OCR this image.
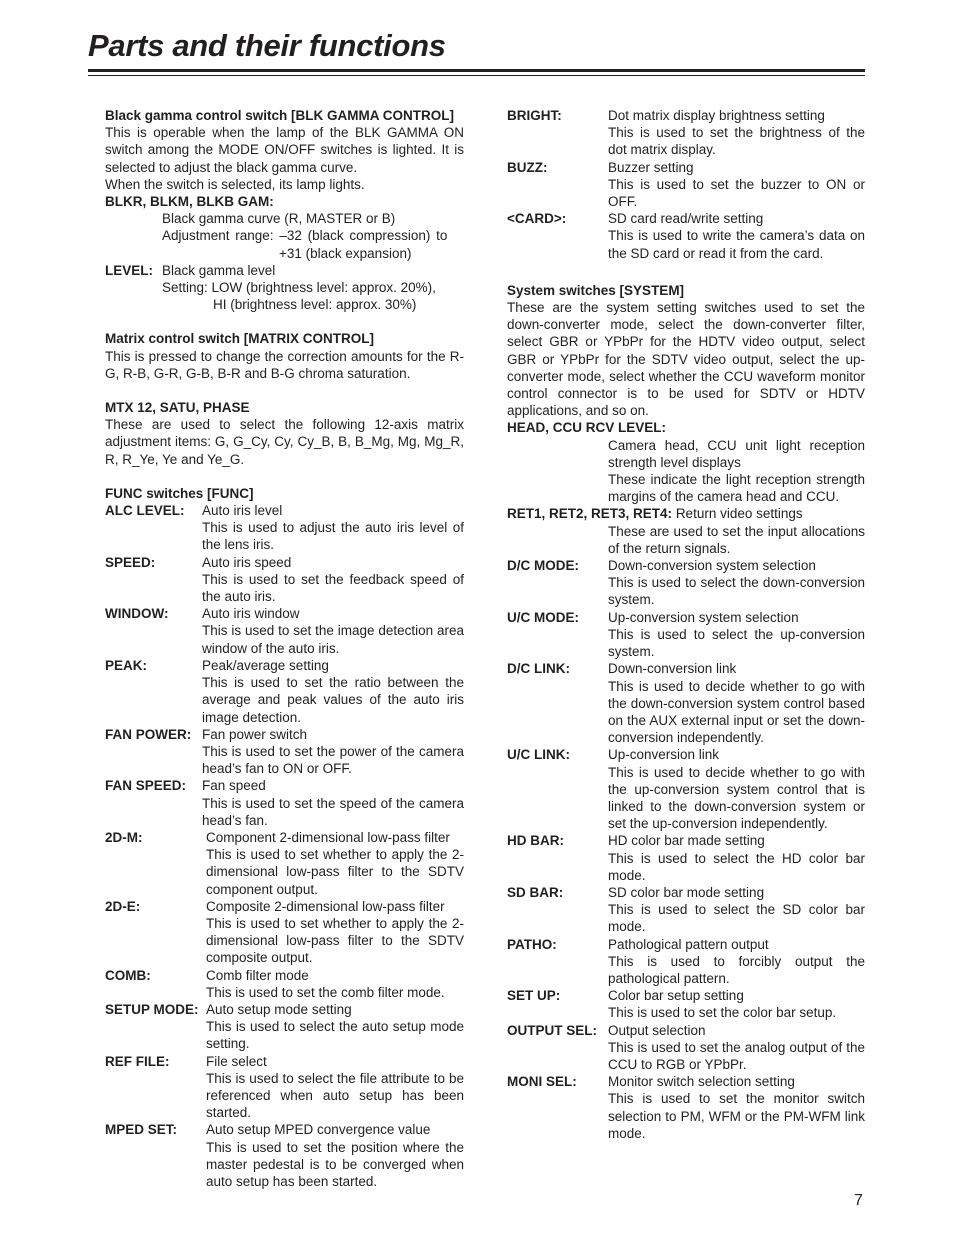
Parts and their functions
Black gamma control switch [BLK GAMMA CONTROL]
This is operable when the lamp of the BLK GAMMA ON switch among the MODE ON/OFF switches is lighted. It is selected to adjust the black gamma curve.
When the switch is selected, its lamp lights.
BLKR, BLKM, BLKB GAM:
Black gamma curve (R, MASTER or B)
Adjustment range: –32 (black compression) to
+31 (black expansion)
LEVEL: Black gamma level
Setting: LOW (brightness level: approx. 20%),
HI (brightness level: approx. 30%)
Matrix control switch [MATRIX CONTROL]
This is pressed to change the correction amounts for the R-G, R-B, G-R, G-B, B-R and B-G chroma saturation.
MTX 12, SATU, PHASE
These are used to select the following 12-axis matrix adjustment items: G, G_Cy, Cy, Cy_B, B, B_Mg, Mg, Mg_R, R, R_Ye, Ye and Ye_G.
FUNC switches [FUNC]
ALC LEVEL:	Auto iris level
This is used to adjust the auto iris level of the lens iris.
SPEED:	Auto iris speed
This is used to set the feedback speed of the auto iris.
WINDOW:	Auto iris window
This is used to set the image detection area window of the auto iris.
PEAK:	Peak/average setting
This is used to set the ratio between the average and peak values of the auto iris image detection.
FAN POWER: Fan power switch
This is used to set the power of the camera head’s fan to ON or OFF.
FAN SPEED:	Fan speed
This is used to set the speed of the camera head’s fan.
2D-M:	Component 2-dimensional low-pass filter
This is used to set whether to apply the 2-dimensional low-pass filter to the SDTV component output.
2D-E:	Composite 2-dimensional low-pass filter
This is used to set whether to apply the 2-dimensional low-pass filter to the SDTV composite output.
COMB:	Comb filter mode
This is used to set the comb filter mode.
SETUP MODE: Auto setup mode setting
This is used to select the auto setup mode setting.
REF FILE:	File select
This is used to select the file attribute to be referenced when auto setup has been started.
MPED SET:	Auto setup MPED convergence value
This is used to set the position where the master pedestal is to be converged when auto setup has been started.
BRIGHT:	Dot matrix display brightness setting
This is used to set the brightness of the dot matrix display.
BUZZ:	Buzzer setting
This is used to set the buzzer to ON or OFF.
<CARD>:	SD card read/write setting
This is used to write the camera’s data on the SD card or read it from the card.
System switches [SYSTEM]
These are the system setting switches used to set the down-converter mode, select the down-converter filter, select GBR or YPbPr for the HDTV video output, select GBR or YPbPr for the SDTV video output, select the up-converter mode, select whether the CCU waveform monitor control connector is to be used for SDTV or HDTV applications, and so on.
HEAD, CCU RCV LEVEL:
Camera head, CCU unit light reception strength level displays
These indicate the light reception strength margins of the camera head and CCU.
RET1, RET2, RET3, RET4: Return video settings
These are used to set the input allocations of the return signals.
D/C MODE:	Down-conversion system selection
This is used to select the down-conversion system.
U/C MODE:	Up-conversion system selection
This is used to select the up-conversion system.
D/C LINK:	Down-conversion link
This is used to decide whether to go with the down-conversion system control based on the AUX external input or set the down-conversion independently.
U/C LINK:	Up-conversion link
This is used to decide whether to go with the up-conversion system control that is linked to the down-conversion system or set the up-conversion independently.
HD BAR:	HD color bar made setting
This is used to select the HD color bar mode.
SD BAR:	SD color bar mode setting
This is used to select the SD color bar mode.
PATHO:	Pathological pattern output
This is used to forcibly output the pathological pattern.
SET UP:	Color bar setup setting
This is used to set the color bar setup.
OUTPUT SEL: Output selection
This is used to set the analog output of the CCU to RGB or YPbPr.
MONI SEL:	Monitor switch selection setting
This is used to set the monitor switch selection to PM, WFM or the PM-WFM link mode.
7
